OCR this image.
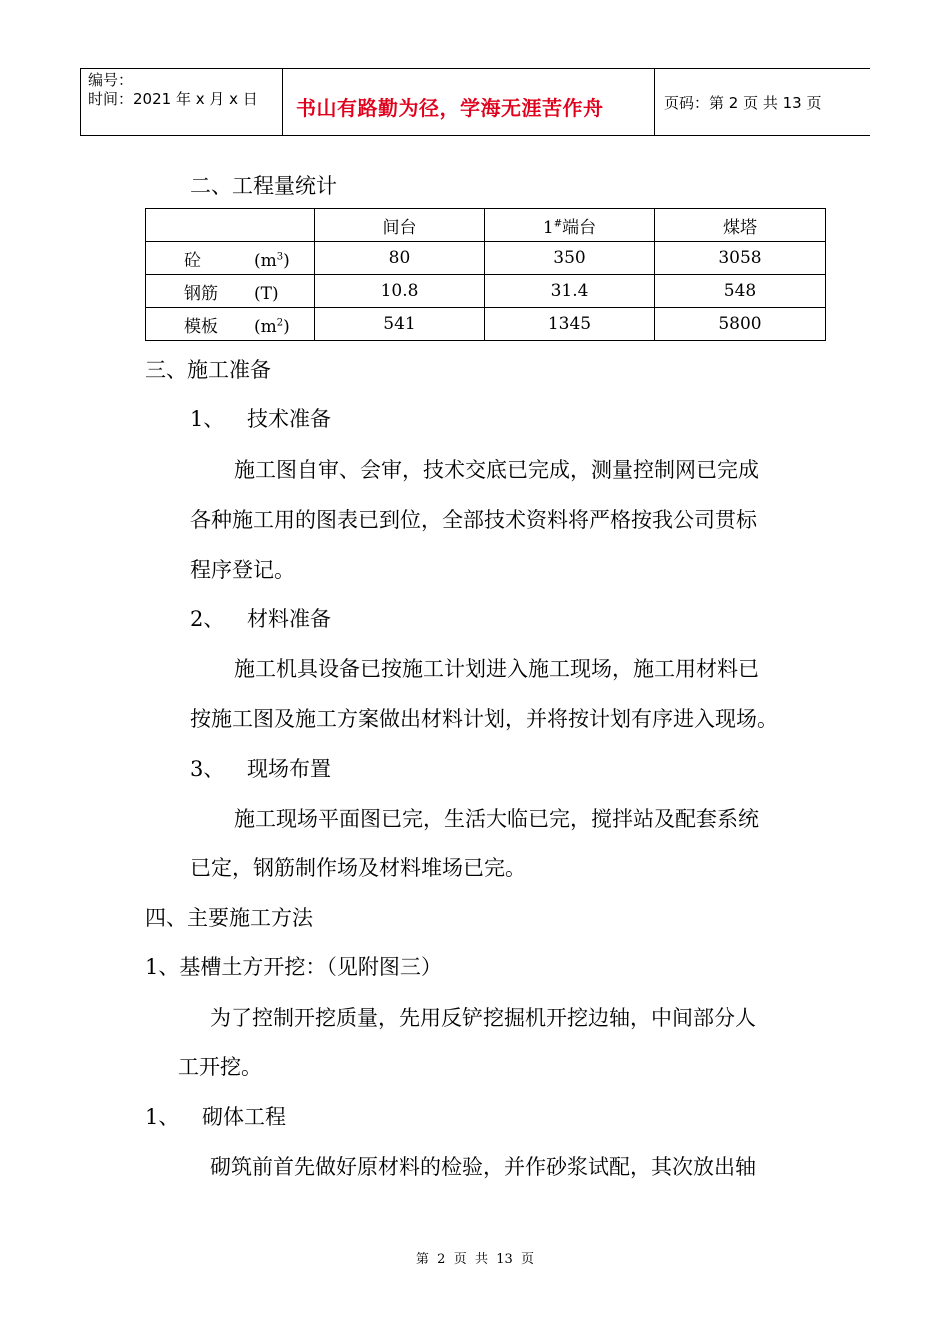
编号：
时间：2021 年 x 月 x 日 书山有路勤为径，学海无涯苦作舟	页码：第 2 页 共 13 页
二、工程量统计
	间台	1#端台	煤塔
砼 $(m^3)$	80	350	3058
钢筋 (T)	10.8	31.4	548
模板 $(m^2)$	541	1345	5800
三、施工准备
1、 技术准备
施工图自审、会审，技术交底已完成，测量控制网已完成
各种施工用的图表已到位，全部技术资料将严格按我公司贯标
程序登记。
2、 材料准备
施工机具设备已按施工计划进入施工现场，施工用材料已
按施工图及施工方案做出材料计划，并将按计划有序进入现场。
3、 现场布置
施工现场平面图已完，生活大临已完，搅拌站及配套系统
已定，钢筋制作场及材料堆场已完。
四、主要施工方法
1、基槽土方开挖：（见附图三）
为了控制开挖质量，先用反铲挖掘机开挖边轴，中间部分人
工开挖。
1、 砌体工程
砌筑前首先做好原材料的检验，并作砂浆试配，其次放出轴
第  2  页  共  13  页
